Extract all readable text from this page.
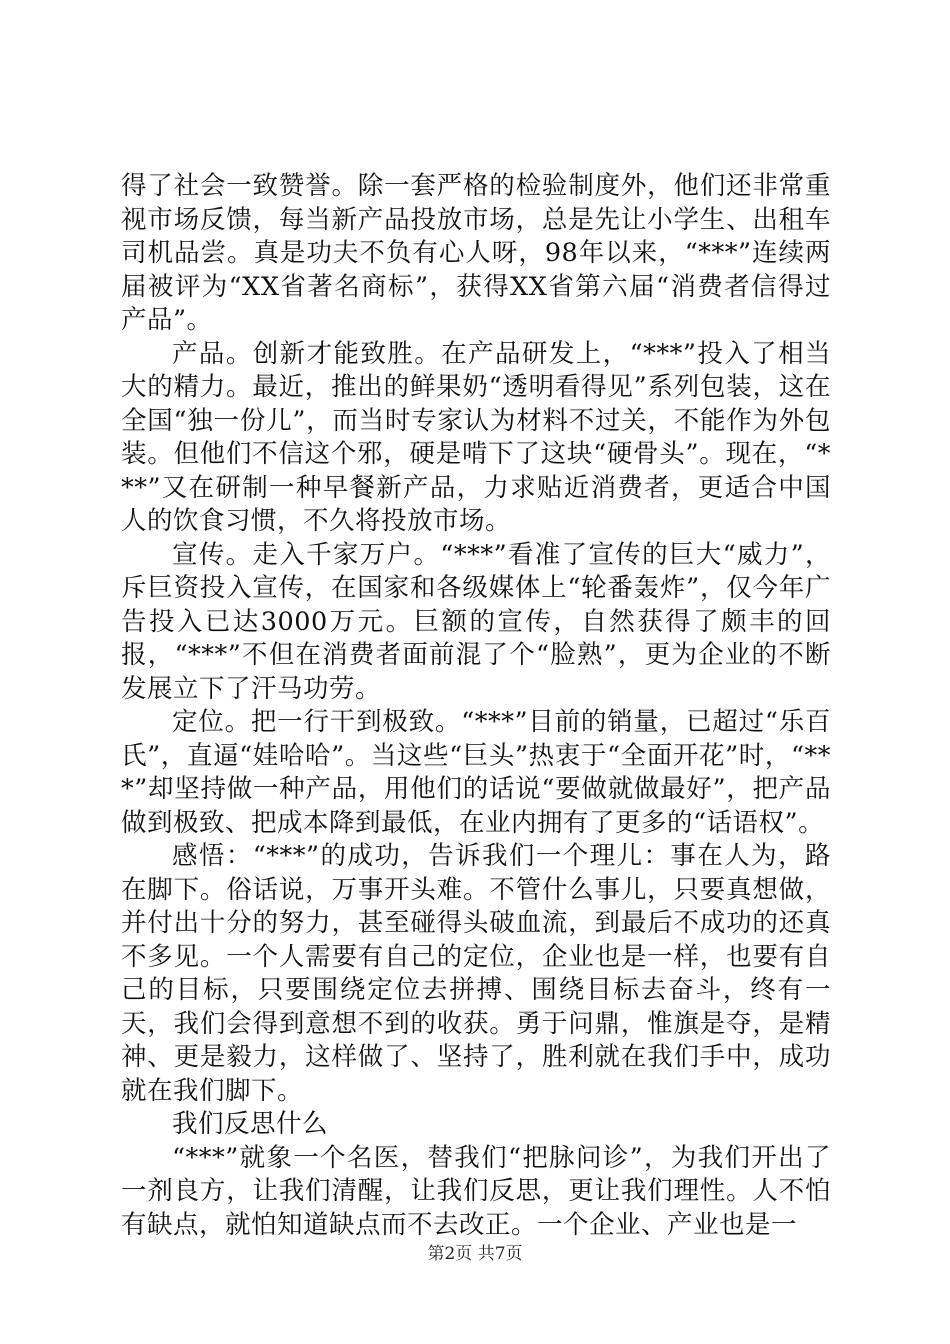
得了社会一致赞誉。除一套严格的检验制度外，他们还非常重视市场反馈，每当新产品投放市场，总是先让小学生、出租车司机品尝。真是功夫不负有心人呀，98年以来，“***”连续两届被评为“XX省著名商标”，获得XX省第六届“消费者信得过产品”。

产品。创新才能致胜。在产品研发上，“***”投入了相当大的精力。最近，推出的鲜果奶“透明看得见”系列包装，这在全国“独一份儿”，而当时专家认为材料不过关，不能作为外包装。但他们不信这个邪，硬是啃下了这块“硬骨头”。现在，“***”又在研制一种早餐新产品，力求贴近消费者，更适合中国人的饮食习惯，不久将投放市场。

宣传。走入千家万户。“***”看准了宣传的巨大“威力”，斥巨资投入宣传，在国家和各级媒体上“轮番轰炸”，仅今年广告投入已达3000万元。巨额的宣传，自然获得了颇丰的回报，“***”不但在消费者面前混了个“脸熟”，更为企业的不断发展立下了汗马功劳。

定位。把一行干到极致。“***”目前的销量，已超过“乐百氏”，直逼“娃哈哈”。当这些“巨头”热衷于“全面开花”时，“***”却坚持做一种产品，用他们的话说“要做就做最好”，把产品做到极致、把成本降到最低，在业内拥有了更多的“话语权”。

感悟：“***”的成功，告诉我们一个理儿：事在人为，路在脚下。俗话说，万事开头难。不管什么事儿，只要真想做，并付出十分的努力，甚至碰得头破血流，到最后不成功的还真不多见。一个人需要有自己的定位，企业也是一样，也要有自己的目标，只要围绕定位去拼搏、围绕目标去奋斗，终有一天，我们会得到意想不到的收获。勇于问鼎，惟旗是夺，是精神、更是毅力，这样做了、坚持了，胜利就在我们手中，成功就在我们脚下。

我们反思什么

“***”就象一个名医，替我们“把脉问诊”，为我们开出了一剂良方，让我们清醒，让我们反思，更让我们理性。人不怕有缺点，就怕知道缺点而不去改正。一个企业、产业也是一

第2页 共7页
